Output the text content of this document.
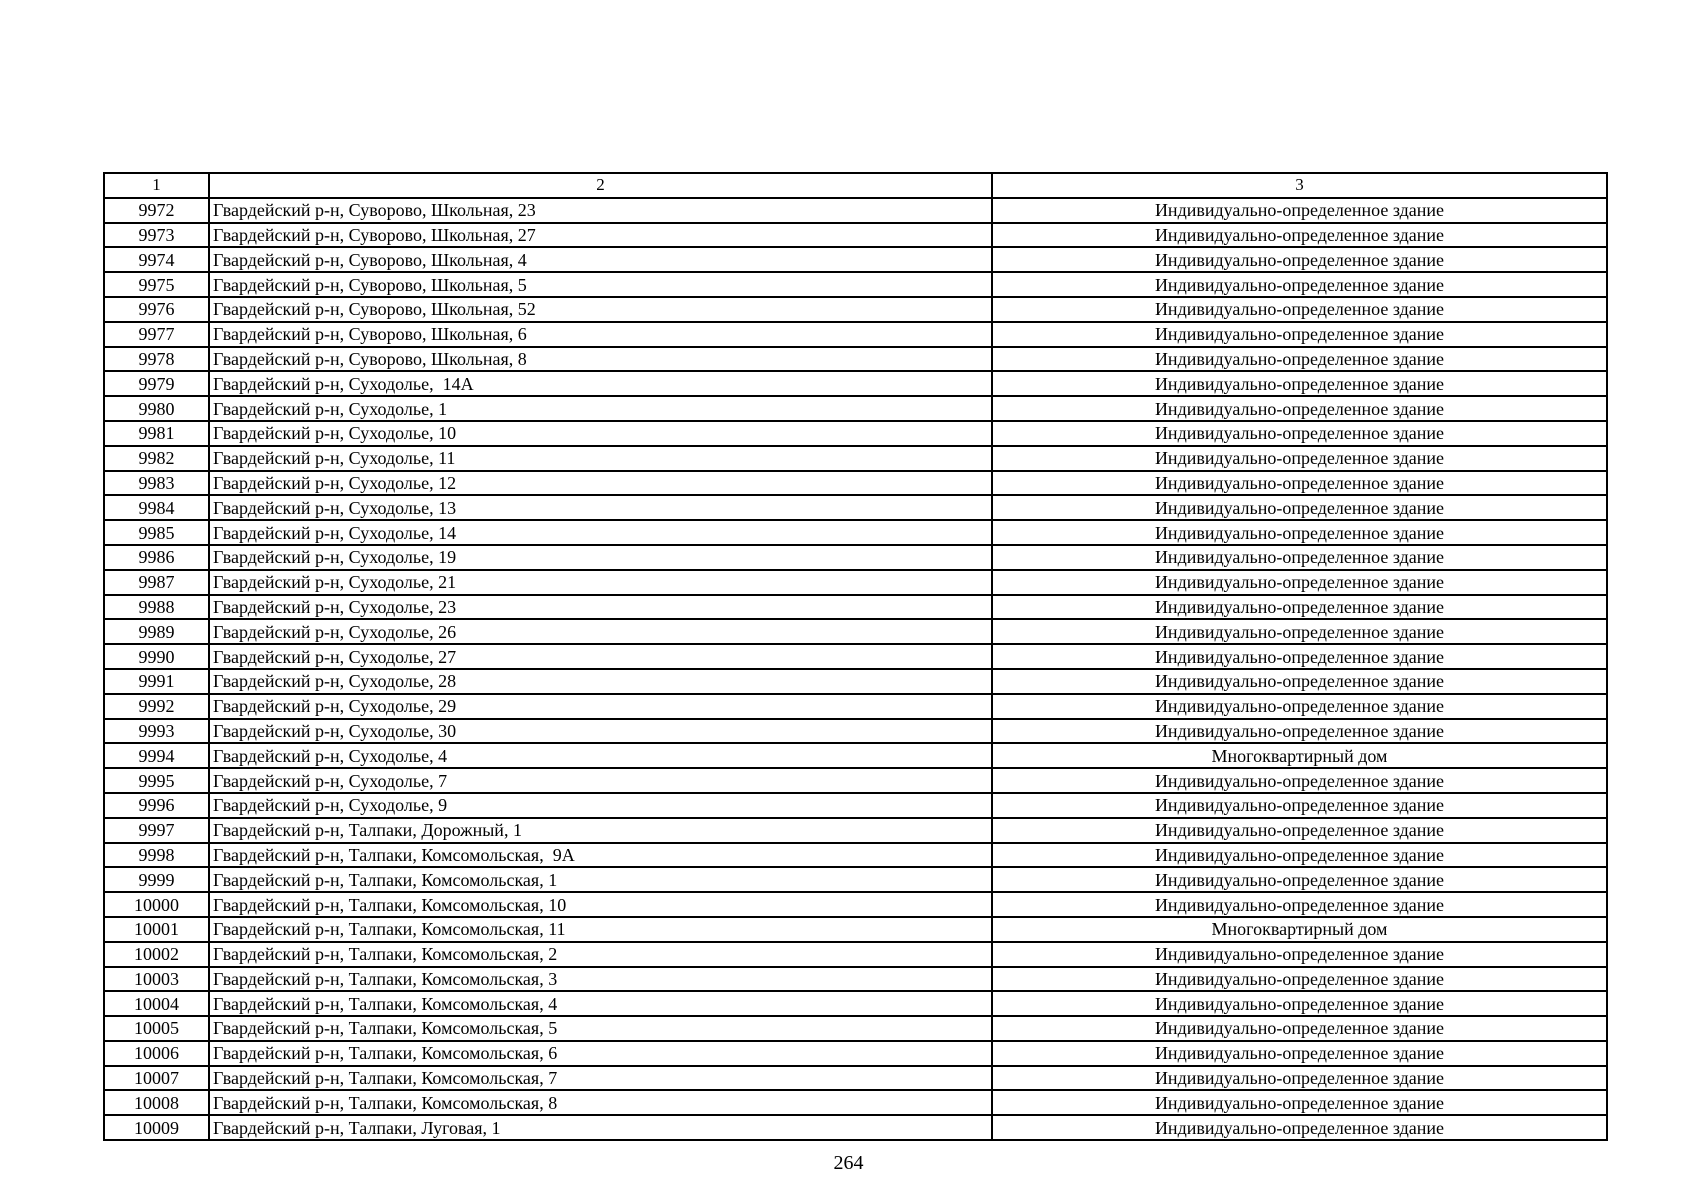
1	2	3
9972	Гвардейский р-н, Суворово, Школьная, 23	Индивидуально-определенное здание
9973	Гвардейский р-н, Суворово, Школьная, 27	Индивидуально-определенное здание
9974	Гвардейский р-н, Суворово, Школьная, 4	Индивидуально-определенное здание
9975	Гвардейский р-н, Суворово, Школьная, 5	Индивидуально-определенное здание
9976	Гвардейский р-н, Суворово, Школьная, 52	Индивидуально-определенное здание
9977	Гвардейский р-н, Суворово, Школьная, 6	Индивидуально-определенное здание
9978	Гвардейский р-н, Суворово, Школьная, 8	Индивидуально-определенное здание
9979	Гвардейский р-н, Суходолье,  14А	Индивидуально-определенное здание
9980	Гвардейский р-н, Суходолье, 1	Индивидуально-определенное здание
9981	Гвардейский р-н, Суходолье, 10	Индивидуально-определенное здание
9982	Гвардейский р-н, Суходолье, 11	Индивидуально-определенное здание
9983	Гвардейский р-н, Суходолье, 12	Индивидуально-определенное здание
9984	Гвардейский р-н, Суходолье, 13	Индивидуально-определенное здание
9985	Гвардейский р-н, Суходолье, 14	Индивидуально-определенное здание
9986	Гвардейский р-н, Суходолье, 19	Индивидуально-определенное здание
9987	Гвардейский р-н, Суходолье, 21	Индивидуально-определенное здание
9988	Гвардейский р-н, Суходолье, 23	Индивидуально-определенное здание
9989	Гвардейский р-н, Суходолье, 26	Индивидуально-определенное здание
9990	Гвардейский р-н, Суходолье, 27	Индивидуально-определенное здание
9991	Гвардейский р-н, Суходолье, 28	Индивидуально-определенное здание
9992	Гвардейский р-н, Суходолье, 29	Индивидуально-определенное здание
9993	Гвардейский р-н, Суходолье, 30	Индивидуально-определенное здание
9994	Гвардейский р-н, Суходолье, 4	Многоквартирный дом
9995	Гвардейский р-н, Суходолье, 7	Индивидуально-определенное здание
9996	Гвардейский р-н, Суходолье, 9	Индивидуально-определенное здание
9997	Гвардейский р-н, Талпаки, Дорожный, 1	Индивидуально-определенное здание
9998	Гвардейский р-н, Талпаки, Комсомольская,  9А	Индивидуально-определенное здание
9999	Гвардейский р-н, Талпаки, Комсомольская, 1	Индивидуально-определенное здание
10000	Гвардейский р-н, Талпаки, Комсомольская, 10	Индивидуально-определенное здание
10001	Гвардейский р-н, Талпаки, Комсомольская, 11	Многоквартирный дом
10002	Гвардейский р-н, Талпаки, Комсомольская, 2	Индивидуально-определенное здание
10003	Гвардейский р-н, Талпаки, Комсомольская, 3	Индивидуально-определенное здание
10004	Гвардейский р-н, Талпаки, Комсомольская, 4	Индивидуально-определенное здание
10005	Гвардейский р-н, Талпаки, Комсомольская, 5	Индивидуально-определенное здание
10006	Гвардейский р-н, Талпаки, Комсомольская, 6	Индивидуально-определенное здание
10007	Гвардейский р-н, Талпаки, Комсомольская, 7	Индивидуально-определенное здание
10008	Гвардейский р-н, Талпаки, Комсомольская, 8	Индивидуально-определенное здание
10009	Гвардейский р-н, Талпаки, Луговая, 1	Индивидуально-определенное здание
264
